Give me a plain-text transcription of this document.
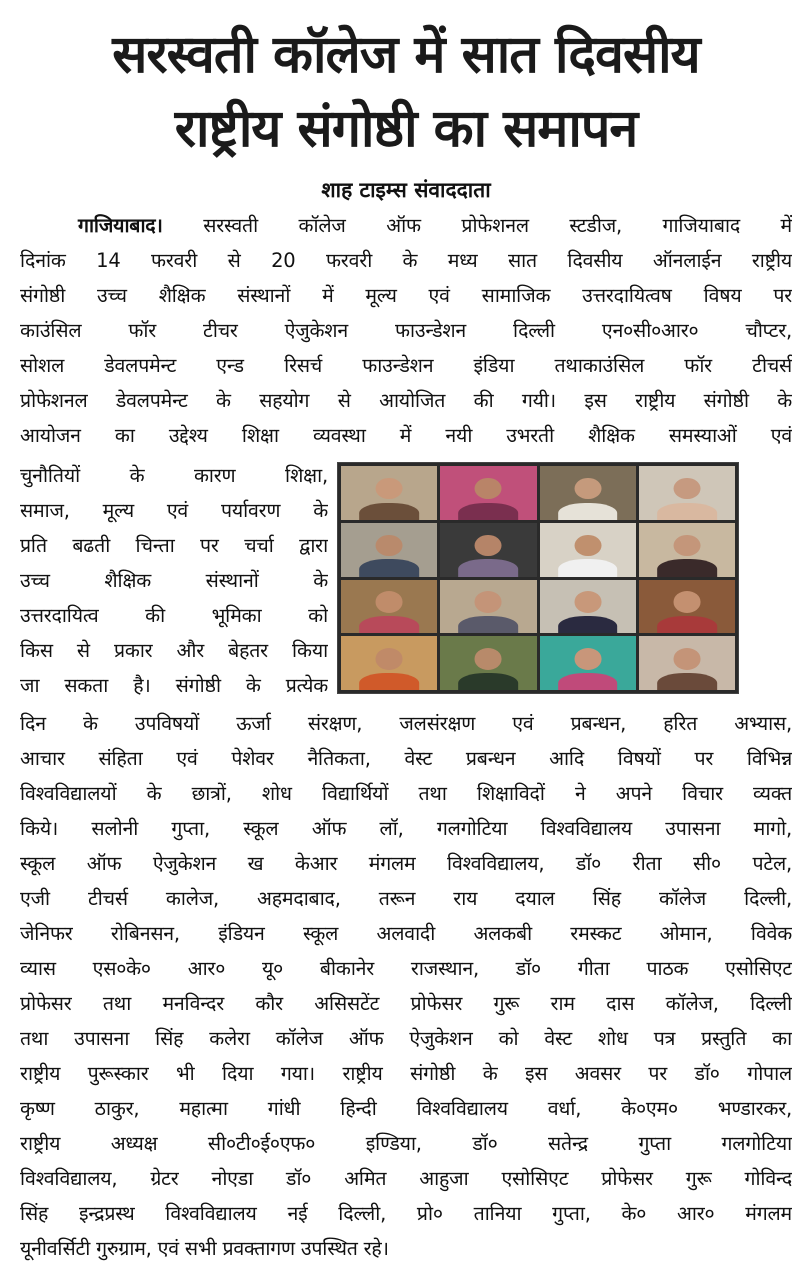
सरस्वती कॉलेज में सात दिवसीय
राष्ट्रीय संगोष्ठी का समापन
शाह टाइम्स संवाददाता
गाजियाबाद। सरस्वती कॉलेज ऑफ प्रोफेशनल स्टडीज, गाजियाबाद में
दिनांक 14 फरवरी से 20 फरवरी के मध्य सात दिवसीय ऑनलाईन राष्ट्रीय
संगोष्ठी उच्च शैक्षिक संस्थानों में मूल्य एवं सामाजिक उत्तरदायित्वष विषय पर
काउंसिल फॉर टीचर ऐजुकेशन फाउन्डेशन दिल्ली एन०सी०आर० चौप्टर,
सोशल डेवलपमेन्ट एन्ड रिसर्च फाउन्डेशन इंडिया तथाकाउंसिल फॉर टीचर्स
प्रोफेशनल डेवलपमेन्ट के सहयोग से आयोजित की गयी। इस राष्ट्रीय संगोष्ठी के
आयोजन का उद्देश्य शिक्षा व्यवस्था में नयी उभरती शैक्षिक समस्याओं एवं
चुनौतियों के कारण शिक्षा,
समाज, मूल्य एवं पर्यावरण के
प्रति बढती चिन्ता पर चर्चा द्वारा
उच्च शैक्षिक संस्थानों के
उत्तरदायित्व की भूमिका को
किस से प्रकार और बेहतर किया
जा सकता है। संगोष्ठी के प्रत्येक
दिन के उपविषयों ऊर्जा संरक्षण, जलसंरक्षण एवं प्रबन्धन, हरित अभ्यास,
आचार संहिता एवं पेशेवर नैतिकता, वेस्ट प्रबन्धन आदि विषयों पर विभिन्न
विश्वविद्यालयों के छात्रों, शोध विद्यार्थियों तथा शिक्षाविदों ने अपने विचार व्यक्त
किये। सलोनी गुप्ता, स्कूल ऑफ लॉ, गलगोटिया विश्वविद्यालय उपासना मागो,
स्कूल ऑफ ऐजुकेशन ख केआर मंगलम विश्वविद्यालय, डॉ० रीता सी० पटेल,
एजी टीचर्स कालेज, अहमदाबाद, तरून राय दयाल सिंह कॉलेज दिल्ली,
जेनिफर रोबिनसन, इंडियन स्कूल अलवादी अलकबी रमस्कट ओमान, विवेक
व्यास एस०के० आर० यू० बीकानेर राजस्थान, डॉ० गीता पाठक एसोसिएट
प्रोफेसर तथा मनविन्दर कौर असिसटेंट प्रोफेसर गुरू राम दास कॉलेज, दिल्ली
तथा उपासना सिंह कलेरा कॉलेज ऑफ ऐजुकेशन को वेस्ट शोध पत्र प्रस्तुति का
राष्ट्रीय पुरूस्कार भी दिया गया। राष्ट्रीय संगोष्ठी के इस अवसर पर डॉ० गोपाल
कृष्ण ठाकुर, महात्मा गांधी हिन्दी विश्वविद्यालय वर्धा, के०एम० भण्डारकर,
राष्ट्रीय अध्यक्ष सी०टी०ई०एफ० इण्डिया, डॉ० सतेन्द्र गुप्ता गलगोटिया
विश्वविद्यालय, ग्रेटर नोएडा डॉ० अमित आहुजा एसोसिएट प्रोफेसर गुरू गोविन्द
सिंह इन्द्रप्रस्थ विश्वविद्यालय नई दिल्ली, प्रो० तानिया गुप्ता, के० आर० मंगलम
यूनीवर्सिटी गुरुग्राम, एवं सभी प्रवक्तागण उपस्थित रहे।
